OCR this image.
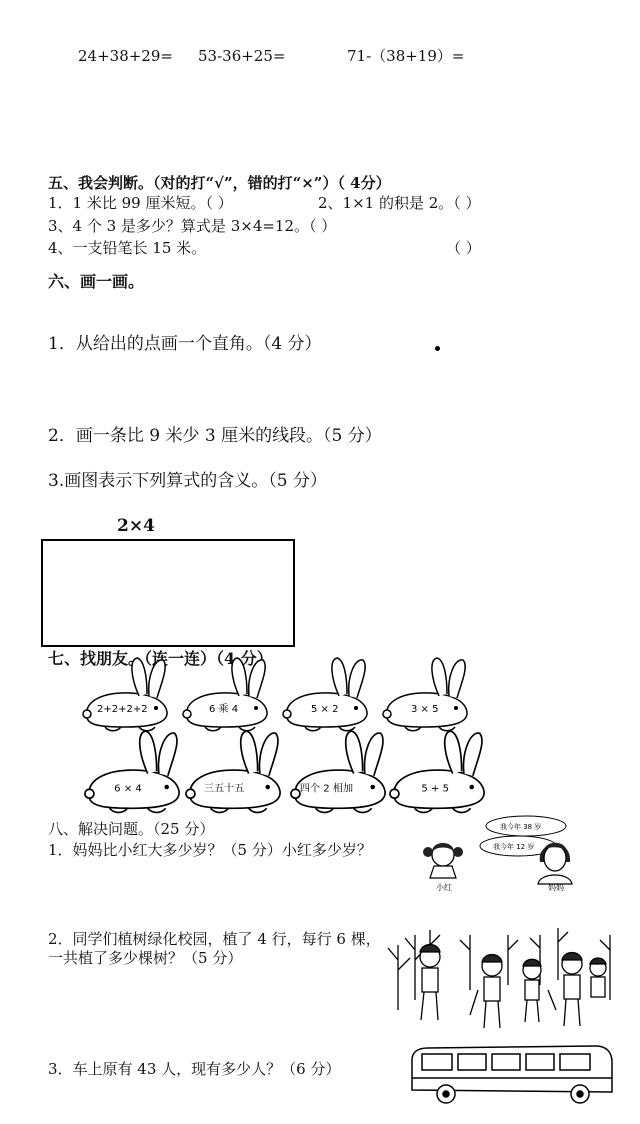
24+38+29= 53-36+25=	71-（38+19）=
五、我会判断。（对的打“√”，错的打“×”）（ 4分）
1．1 米比 99 厘米短。（ ）	2、1×1 的积是 2。（ ）
3、4 个 3 是多少？算式是 3×4=12。（ ）
4、一支铅笔长 15 米。	（ ）
六、画一画。
1．从给出的点画一个直角。（4 分）
2．画一条比 9 米少 3 厘米的线段。（5 分）
3.画图表示下列算式的含义。（5 分）
2×4
七、找朋友。（连一连）（4 分）
2+2+2+2	6 乘 4	5 × 2	3 × 5
6 × 4	三五十五	四个 2 相加	5 + 5
八、解决问题。（25 分）
1．妈妈比小红大多少岁？（5 分）小红多少岁？
我今年 38 岁
我今年 12 岁
小红	妈妈
2．同学们植树绿化校园，植了 4 行，每行 6 棵，
一共植了多少棵树？（5 分）
3．车上原有 43 人，现有多少人？（6 分）
